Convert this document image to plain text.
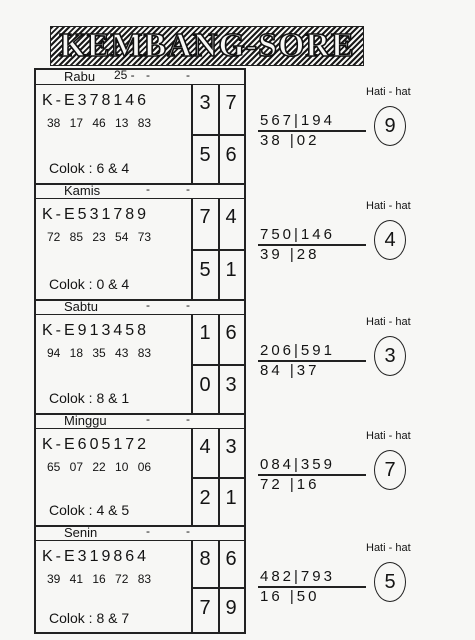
KEMBANG-SORE
Rabu 25 - -	-
K-E378146
38 17 46 13 83
Colok : 6 & 4
3 7
5 6
Kamis	-	-
K-E531789
72 85 23 54 73
Colok : 0 & 4
7 4
5 1
Sabtu	-	-
K-E913458
94 18 35 43 83
Colok : 8 & 1
1 6
0 3
Minggu	-	-
K-E605172
65 07 22 10 06
Colok : 4 & 5
4 3
2 1
Senin	-	-
K-E319864
39 41 16 72 83
Colok : 8 & 7
8 6
7 9
Hati - hat
567|194
38 |02
9
Hati - hat
750|146
39 |28
4
Hati - hat
206|591
84 |37
3
Hati - hat
084|359
72 |16
7
Hati - hat
482|793
16 |50
5
